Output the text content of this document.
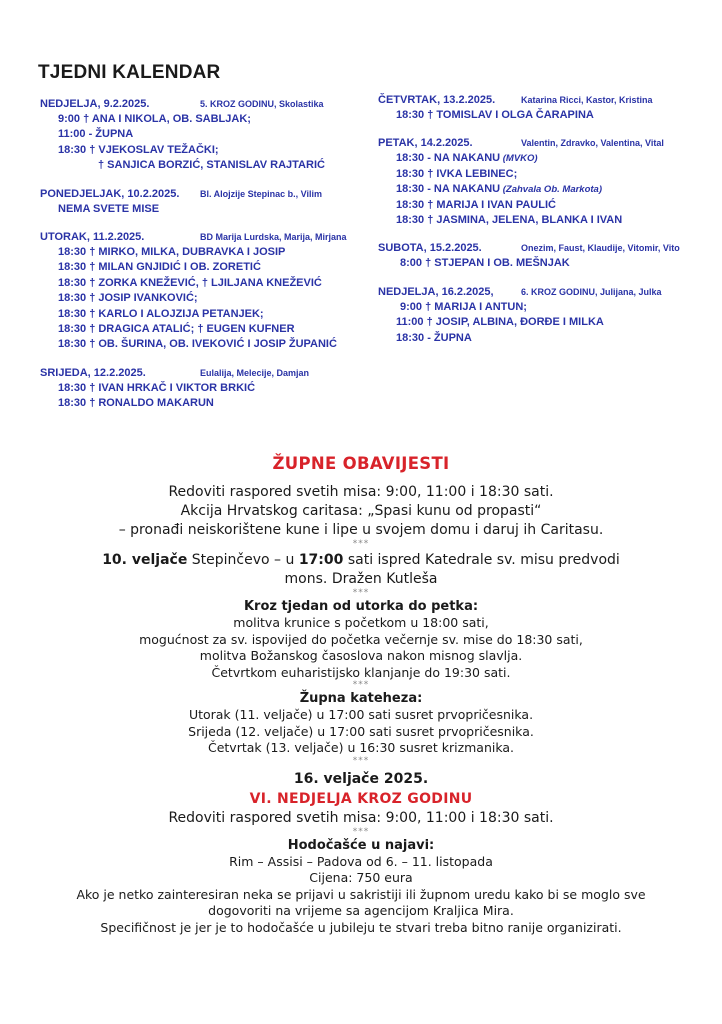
TJEDNI KALENDAR
NEDJELJA, 9.2.2025.	5. KROZ GODINU, Skolastika
9:00 † ANA I NIKOLA, OB. SABLJAK;
11:00 - ŽUPNA
18:30 † VJEKOSLAV TEŽAČKI;
† SANJICA BORZIĆ, STANISLAV RAJTARIĆ
PONEDJELJAK, 10.2.2025. Bl. Alojzije Stepinac b., Vilim
NEMA SVETE MISE
UTORAK, 11.2.2025.	BD Marija Lurdska, Marija, Mirjana
18:30 † MIRKO, MILKA, DUBRAVKA I JOSIP
18:30 † MILAN GNJIDIĆ I OB. ZORETIĆ
18:30 † ZORKA KNEŽEVIĆ, † LJILJANA KNEŽEVIĆ
18:30 † JOSIP IVANKOVIĆ;
18:30 † KARLO I ALOJZIJA PETANJEK;
18:30 † DRAGICA ATALIĆ; † EUGEN KUFNER
18:30 † OB. ŠURINA, OB. IVEKOVIĆ I JOSIP ŽUPANIĆ
SRIJEDA, 12.2.2025.	Eulalija, Melecije, Damjan
18:30 † IVAN HRKAČ I VIKTOR BRKIĆ
18:30 † RONALDO MAKARUN
ČETVRTAK, 13.2.2025.	Katarina Ricci, Kastor, Kristina
18:30 † TOMISLAV I OLGA ČARAPINA
PETAK, 14.2.2025.	Valentin, Zdravko, Valentina, Vital
18:30 - NA NAKANU (MVKO)
18:30 † IVKA LEBINEC;
18:30 - NA NAKANU (Zahvala Ob. Markota)
18:30 † MARIJA I IVAN PAULIĆ
18:30 † JASMINA, JELENA, BLANKA I IVAN
SUBOTA, 15.2.2025.	Onezim, Faust, Klaudije, Vitomir, Vito
8:00 † STJEPAN I OB. MEŠNJAK
NEDJELJA, 16.2.2025,	6. KROZ GODINU, Julijana, Julka
9:00 † MARIJA I ANTUN;
11:00 † JOSIP, ALBINA, ĐORĐE I MILKA
18:30 - ŽUPNA
ŽUPNE OBAVIJESTI
Redoviti raspored svetih misa: 9:00, 11:00 i 18:30 sati.
Akcija Hrvatskog caritasa: „Spasi kunu od propasti“
– pronađi neiskorištene kune i lipe u svojem domu i daruj ih Caritasu.
***
10. veljače Stepinčevo – u 17:00 sati ispred Katedrale sv. misu predvodi
mons. Dražen Kutleša
***
Kroz tjedan od utorka do petka:
molitva krunice s početkom u 18:00 sati,
mogućnost za sv. ispovijed do početka večernje sv. mise do 18:30 sati,
molitva Božanskog časoslova nakon misnog slavlja.
Četvrtkom euharistijsko klanjanje do 19:30 sati.
***
Župna kateheza:
Utorak (11. veljače) u 17:00 sati susret prvopričesnika.
Srijeda (12. veljače) u 17:00 sati susret prvopričesnika.
Četvrtak (13. veljače) u 16:30 susret krizmanika.
***
16. veljače 2025.
VI. NEDJELJA KROZ GODINU
Redoviti raspored svetih misa: 9:00, 11:00 i 18:30 sati.
***
Hodočašće u najavi:
Rim – Assisi – Padova od 6. – 11. listopada
Cijena: 750 eura
Ako je netko zainteresiran neka se prijavi u sakristiji ili župnom uredu kako bi se moglo sve
dogovoriti na vrijeme sa agencijom Kraljica Mira.
Specifičnost je jer je to hodočašće u jubileju te stvari treba bitno ranije organizirati.
